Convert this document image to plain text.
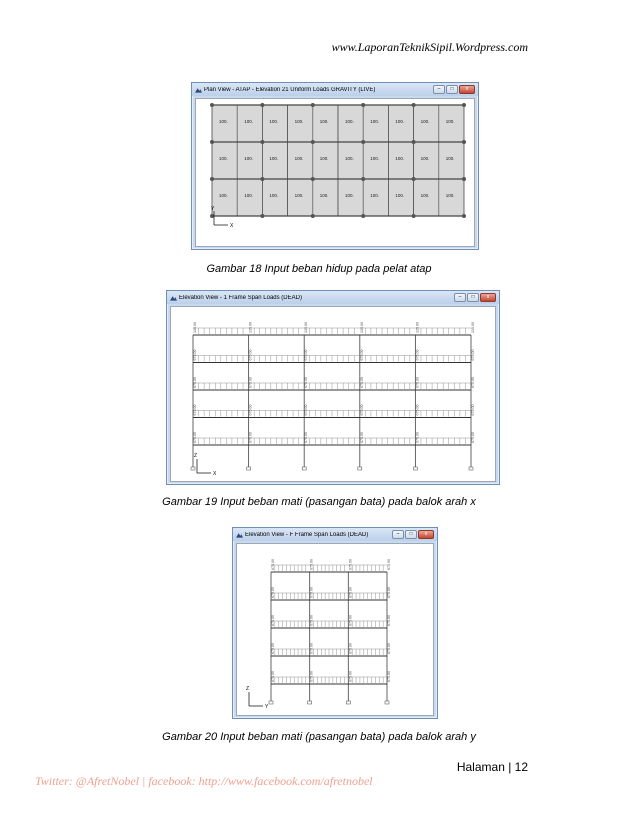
www.LaporanTeknikSipil.Wordpress.com
Plan View - ATAP - Elevation 21 Uniform Loads GRAVITY (LIVE)	–	□	x
100.	100.	100.	100.	100.	100.	100.	100.	100.	100.
100.	100.	100.	100.	100.	100.	100.	100.	100.	100.
100.	100.	100.	100.	100.	100.	100.	100.	100.	100.
Y
X
Gambar 18 Input beban hidup pada pelat atap
Elevation View - 1 Frame Span Loads (DEAD)	–	□	x
135.00	135.00	135.00	135.00	135.00	135.00
675.00	675.00	675.00	675.00	675.00	675.00
675.00	675.00	675.00	675.00	675.00	675.00
675.00	675.00	675.00	675.00	675.00	675.00
675.00	675.00	675.00	675.00	675.00	675.00
Z
X
Gambar 19 Input beban mati (pasangan bata) pada balok arah x
Elevation View - F Frame Span Loads (DEAD)	–	□	x
675.00	675.00	675.00	675.00
675.00	675.00	675.00	675.00
675.00	675.00	675.00	675.00
675.00	675.00	675.00	675.00
675.00	675.00	675.00	675.00
Z
Y
Gambar 20 Input beban mati (pasangan bata) pada balok arah y
Halaman | 12
Twitter: @AfretNobel | facebook: http://www.facebook.com/afretnobel
